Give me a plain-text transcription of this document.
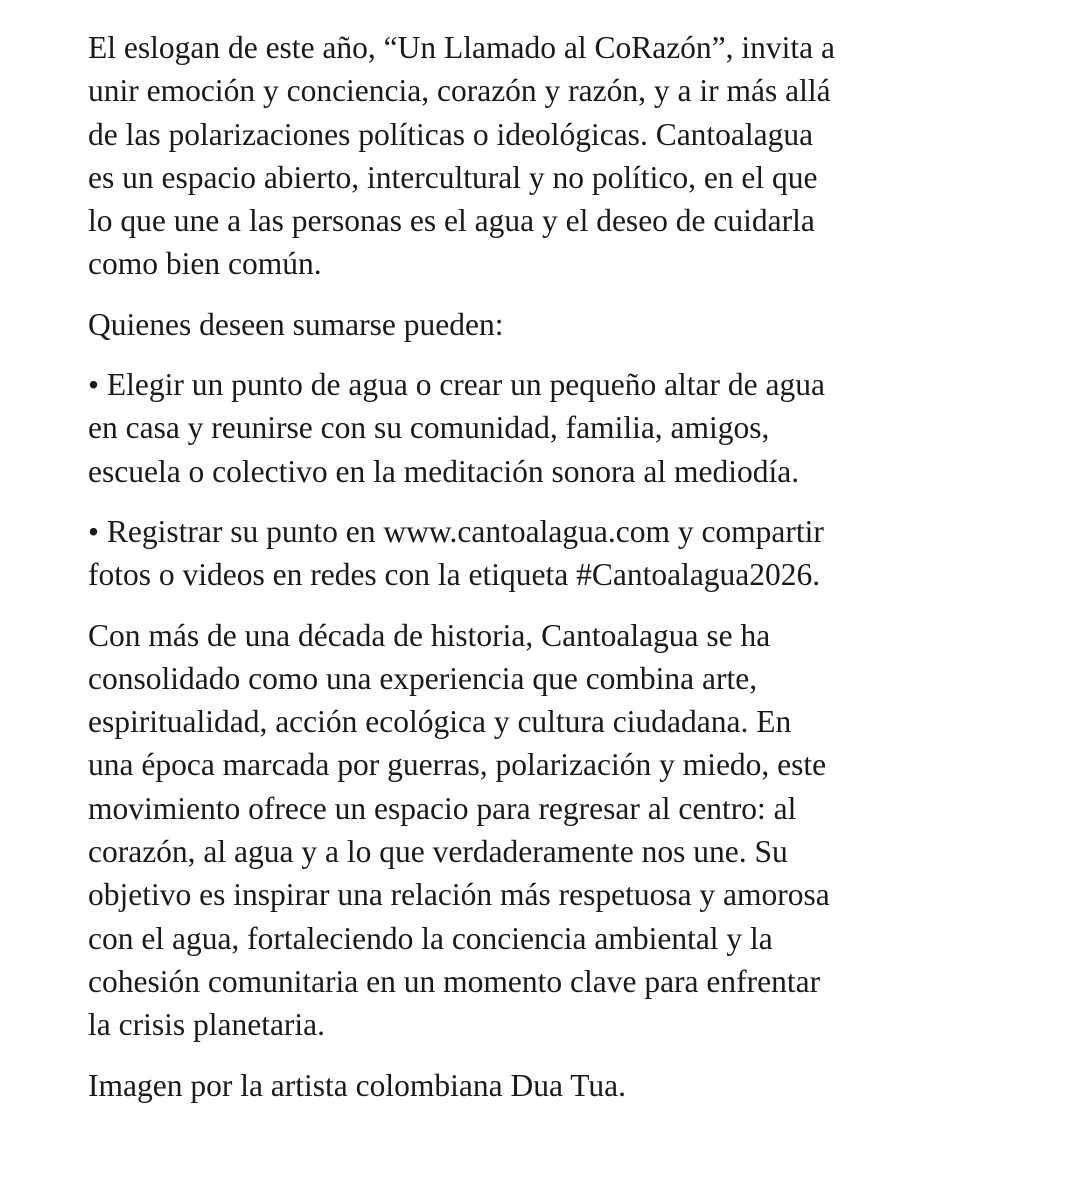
El eslogan de este año, “Un Llamado al CoRazón”, invita a
unir emoción y conciencia, corazón y razón, y a ir más allá
de las polarizaciones políticas o ideológicas. Cantoalagua
es un espacio abierto, intercultural y no político, en el que
lo que une a las personas es el agua y el deseo de cuidarla
como bien común.

Quienes deseen sumarse pueden:

• Elegir un punto de agua o crear un pequeño altar de agua
en casa y reunirse con su comunidad, familia, amigos,
escuela o colectivo en la meditación sonora al mediodía.

• Registrar su punto en www.cantoalagua.com y compartir
fotos o videos en redes con la etiqueta #Cantoalagua2026.

Con más de una década de historia, Cantoalagua se ha
consolidado como una experiencia que combina arte,
espiritualidad, acción ecológica y cultura ciudadana. En
una época marcada por guerras, polarización y miedo, este
movimiento ofrece un espacio para regresar al centro: al
corazón, al agua y a lo que verdaderamente nos une. Su
objetivo es inspirar una relación más respetuosa y amorosa
con el agua, fortaleciendo la conciencia ambiental y la
cohesión comunitaria en un momento clave para enfrentar
la crisis planetaria.

Imagen por la artista colombiana Dua Tua.
